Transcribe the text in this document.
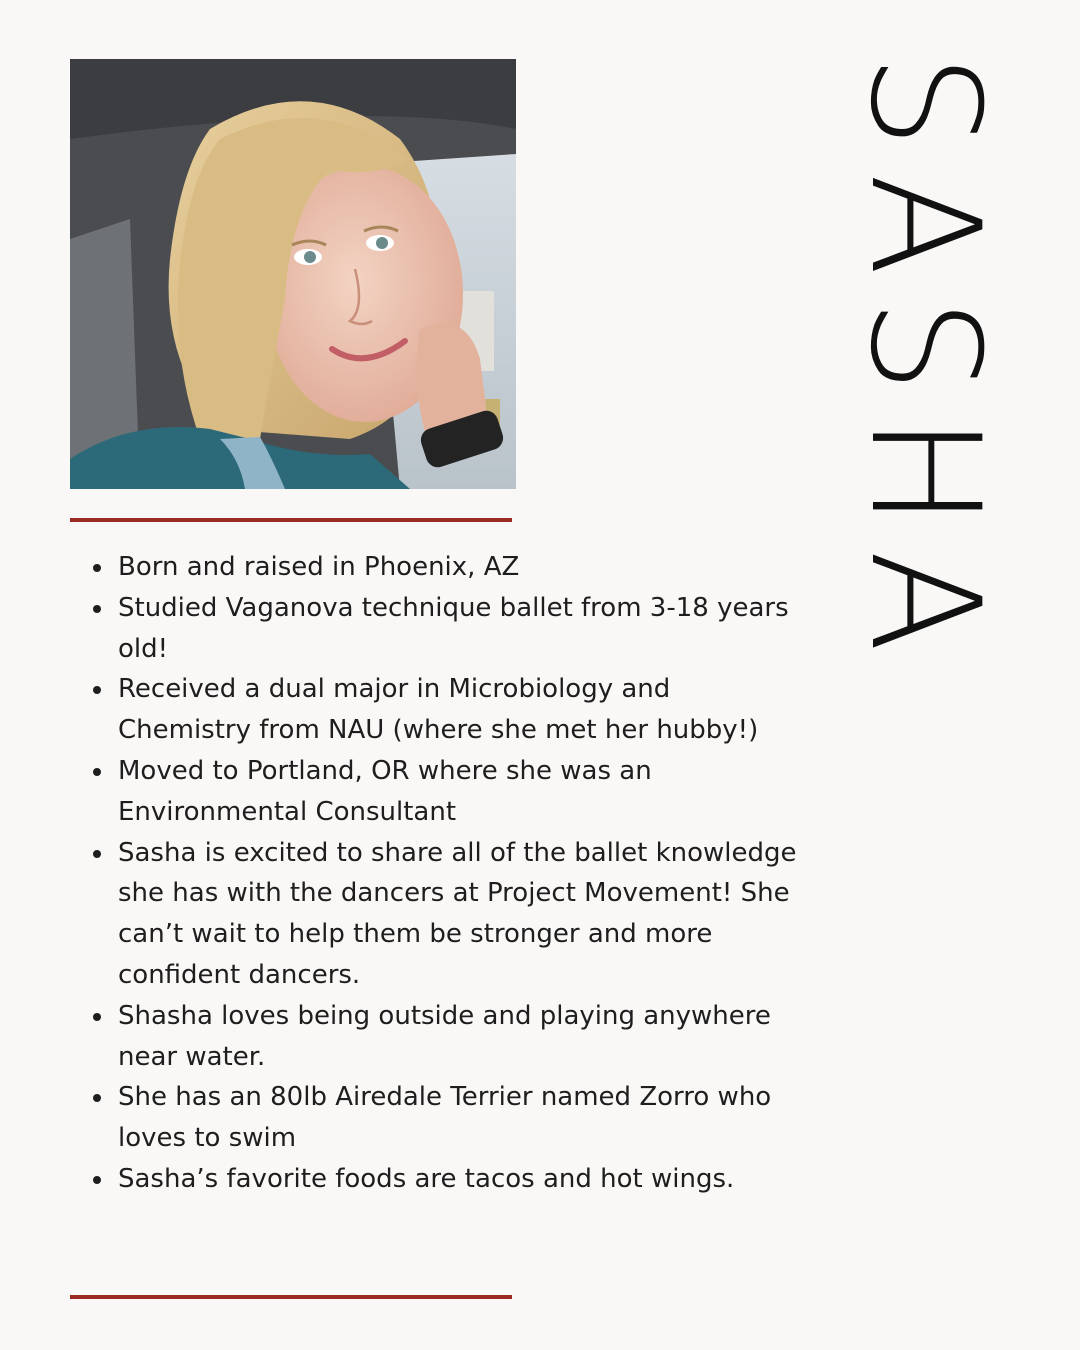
SASHA
Born and raised in Phoenix, AZ
Studied Vaganova technique ballet from 3-18 years old!
Received a dual major in Microbiology and Chemistry from NAU (where she met her hubby!)
Moved to Portland, OR where she was an Environmental Consultant
Sasha is excited to share all of the ballet knowledge she has with the dancers at Project Movement! She can’t wait to help them be stronger and more confident dancers.
Shasha loves being outside and playing anywhere near water.
She has an 80lb Airedale Terrier named Zorro who loves to swim
Sasha’s favorite foods are tacos and hot wings.
